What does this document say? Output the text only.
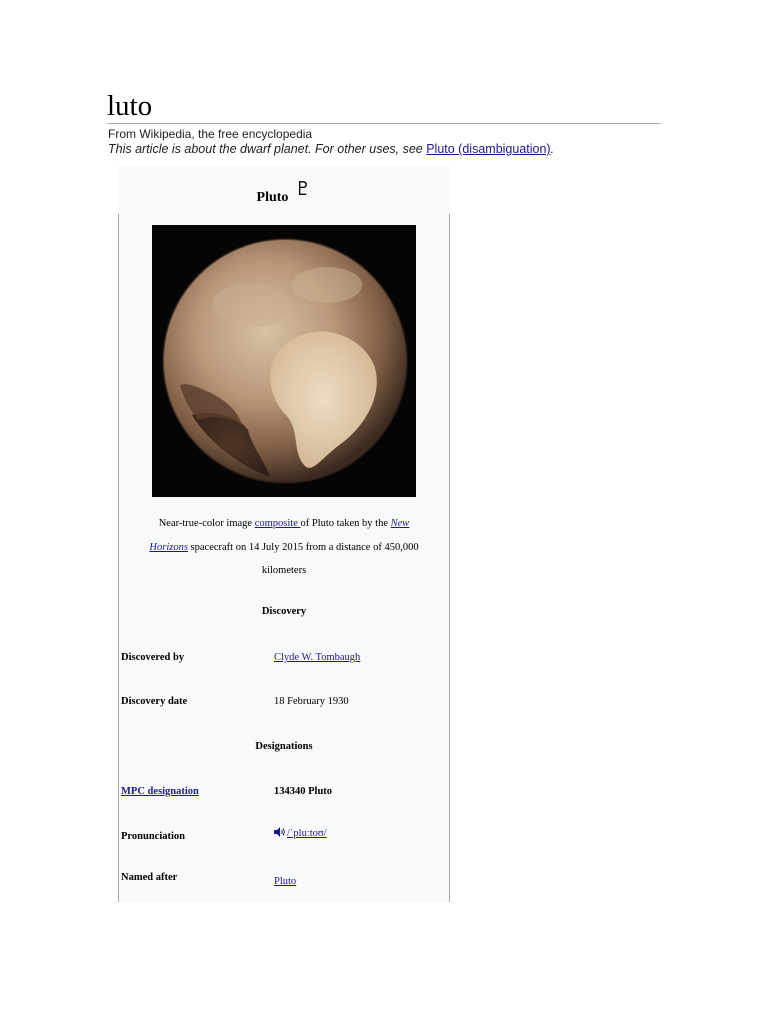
luto
From Wikipedia, the free encyclopedia
This article is about the dwarf planet. For other uses, see Pluto (disambiguation).
Pluto ♇
Near-true-color image composite of Pluto taken by the New Horizons spacecraft on 14 July 2015 from a distance of 450,000 kilometers
Discovery
Discovered by	Clyde W. Tombaugh
Discovery date	18 February 1930
Designations
MPC designation	134340 Pluto
Pronunciation	/ˈpluːtoʊ/
Named after	Pluto
